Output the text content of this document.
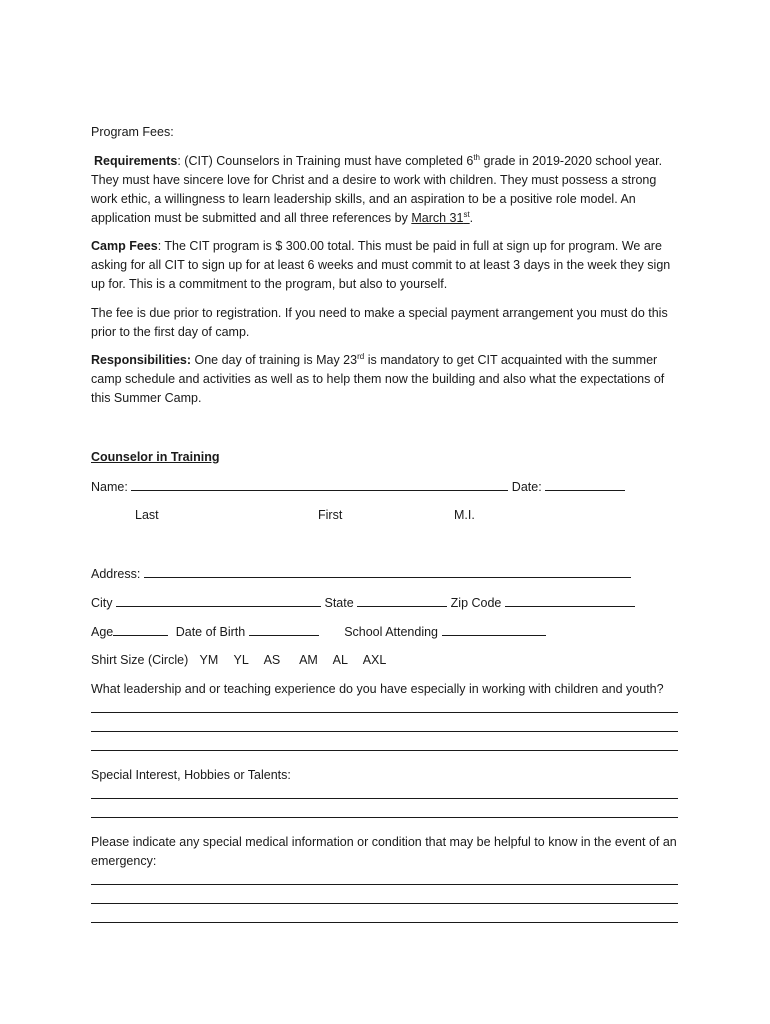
Program Fees:
Requirements: (CIT) Counselors in Training must have completed 6th grade in 2019-2020 school year. They must have sincere love for Christ and a desire to work with children. They must possess a strong work ethic, a willingness to learn leadership skills, and an aspiration to be a positive role model. An application must be submitted and all three references by March 31st.
Camp Fees: The CIT program is $ 300.00 total. This must be paid in full at sign up for program. We are asking for all CIT to sign up for at least 6 weeks and must commit to at least 3 days in the week they sign up for. This is a commitment to the program, but also to yourself.
The fee is due prior to registration. If you need to make a special payment arrangement you must do this prior to the first day of camp.
Responsibilities: One day of training is May 23rd is mandatory to get CIT acquainted with the summer camp schedule and activities as well as to help them now the building and also what the expectations of this Summer Camp.
Counselor in Training
Name:	Date:
Last	First	M.I.
Address:
City	State	Zip Code
Age	Date of Birth	School Attending
Shirt Size (Circle) YM YL AS AM AL AXL
What leadership and or teaching experience do you have especially in working with children and youth?
Special Interest, Hobbies or Talents:
Please indicate any special medical information or condition that may be helpful to know in the event of an emergency:
